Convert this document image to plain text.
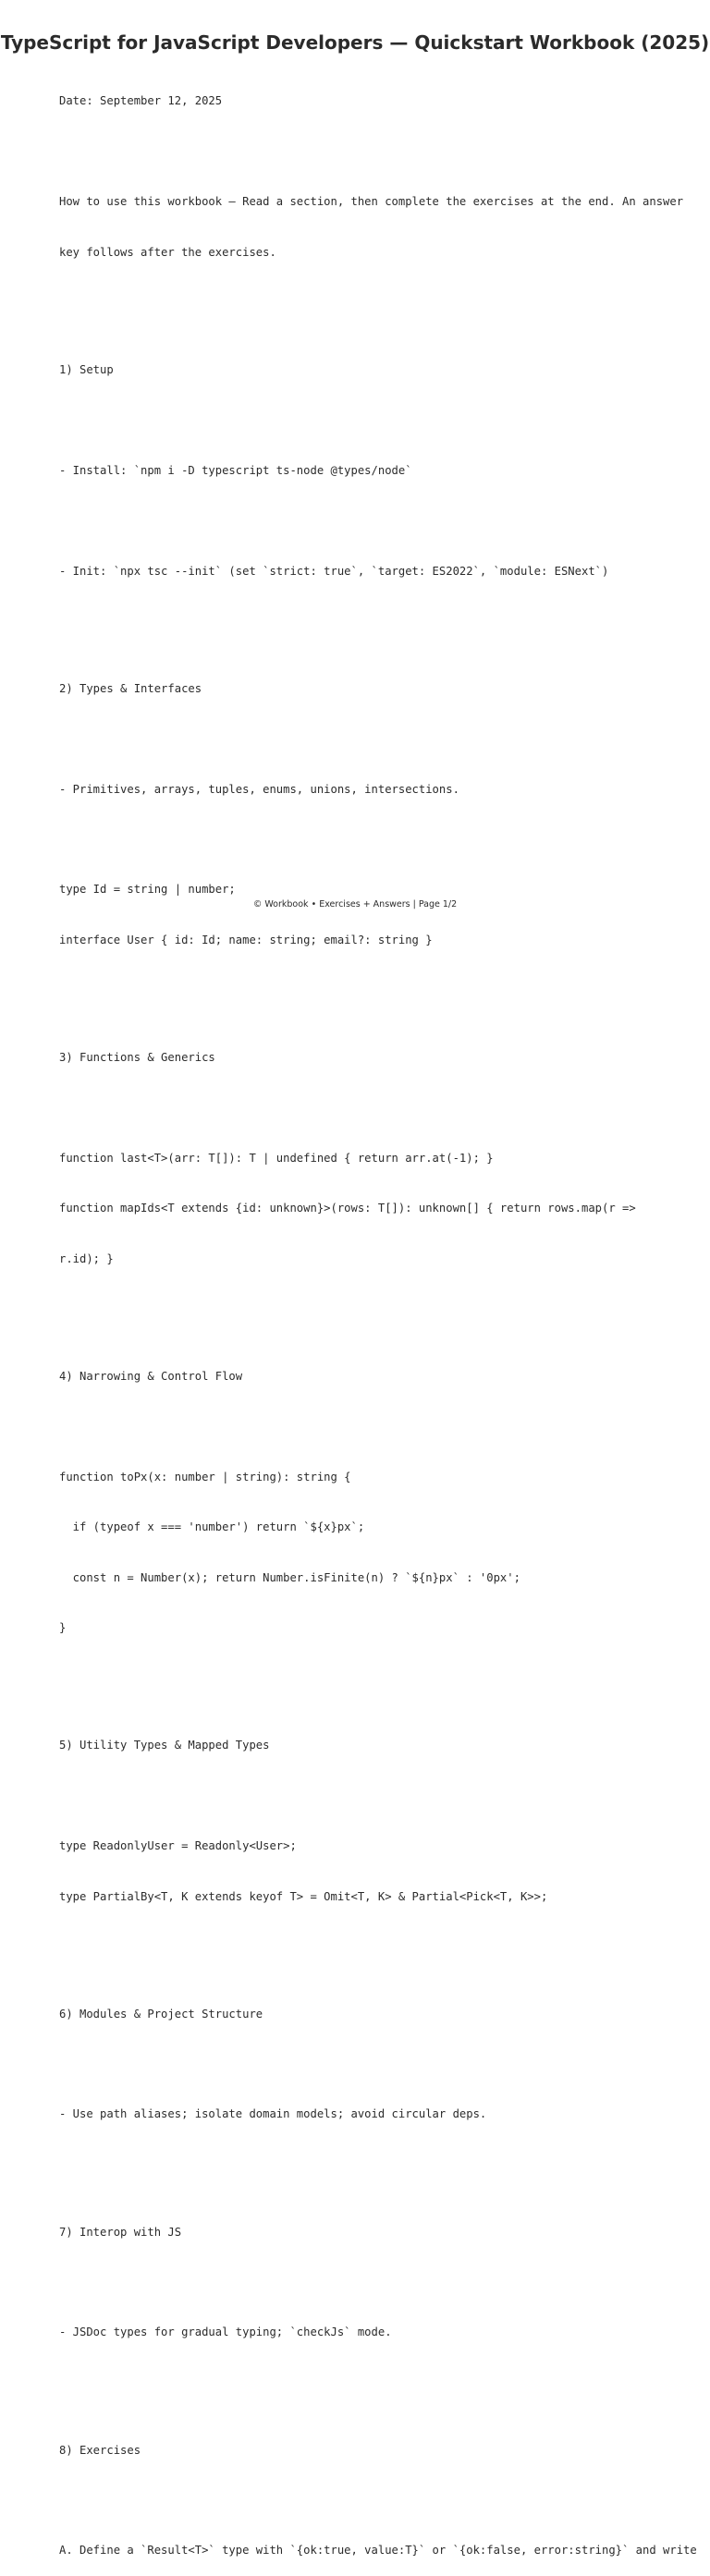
TypeScript for JavaScript Developers — Quickstart Workbook (2025)

Date: September 12, 2025

How to use this workbook — Read a section, then complete the exercises at the end. An answer

key follows after the exercises.

1) Setup

- Install: `npm i -D typescript ts-node @types/node`

- Init: `npx tsc --init` (set `strict: true`, `target: ES2022`, `module: ESNext`)

2) Types & Interfaces

- Primitives, arrays, tuples, enums, unions, intersections.

type Id = string | number;

interface User { id: Id; name: string; email?: string }

3) Functions & Generics

function last<T>(arr: T[]): T | undefined { return arr.at(-1); }

function mapIds<T extends {id: unknown}>(rows: T[]): unknown[] { return rows.map(r =>

r.id); }

4) Narrowing & Control Flow

function toPx(x: number | string): string {

if (typeof x === 'number') return `${x}px`;

const n = Number(x); return Number.isFinite(n) ? `${n}px` : '0px';

}

5) Utility Types & Mapped Types

type ReadonlyUser = Readonly<User>;

type PartialBy<T, K extends keyof T> = Omit<T, K> & Partial<Pick<T, K>>;

6) Modules & Project Structure

- Use path aliases; isolate domain models; avoid circular deps.

7) Interop with JS

- JSDoc types for gradual typing; `checkJs` mode.

8) Exercises

A. Define a `Result<T>` type with `{ok:true, value:T}` or `{ok:false, error:string}` and write

© Workbook • Exercises + Answers | Page 1/2
